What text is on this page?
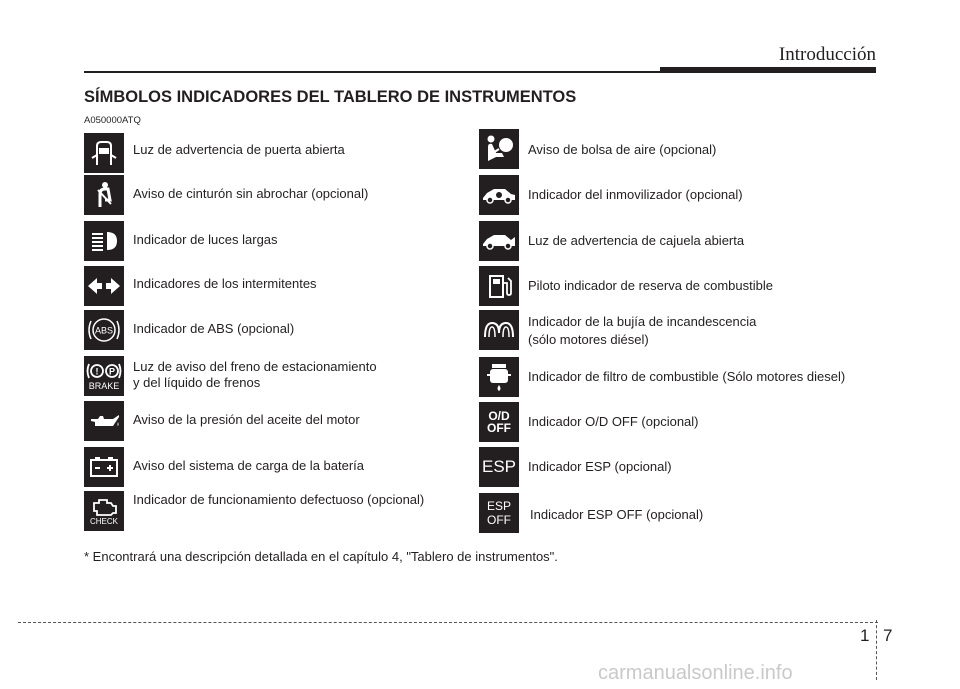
Introducción
SÍMBOLOS INDICADORES DEL TABLERO DE INSTRUMENTOS
A050000ATQ
Luz de advertencia de puerta abierta
Aviso de cinturón sin abrochar (opcional)
Indicador de luces largas
Indicadores de los intermitentes
ABS Indicador de ABS (opcional)
! P
BRAKE
Luz de aviso del freno de estacionamiento
y del líquido de frenos
Aviso de la presión del aceite del motor
Aviso del sistema de carga de la batería
CHECK
Indicador de funcionamiento defectuoso (opcional)
Aviso de bolsa de aire (opcional)
Indicador del inmovilizador (opcional)
Luz de advertencia de cajuela abierta
Piloto indicador de reserva de combustible
Indicador de la bujía de incandescencia
(sólo motores diésel)
Indicador de filtro de combustible (Sólo motores diesel)
O/D OFF	Indicador O/D OFF (opcional)
ESP Indicador ESP (opcional)
ESP OFF Indicador ESP OFF (opcional)
* Encontrará una descripción detallada en el capítulo 4, "Tablero de instrumentos".
1 7
carmanualsonline.info
